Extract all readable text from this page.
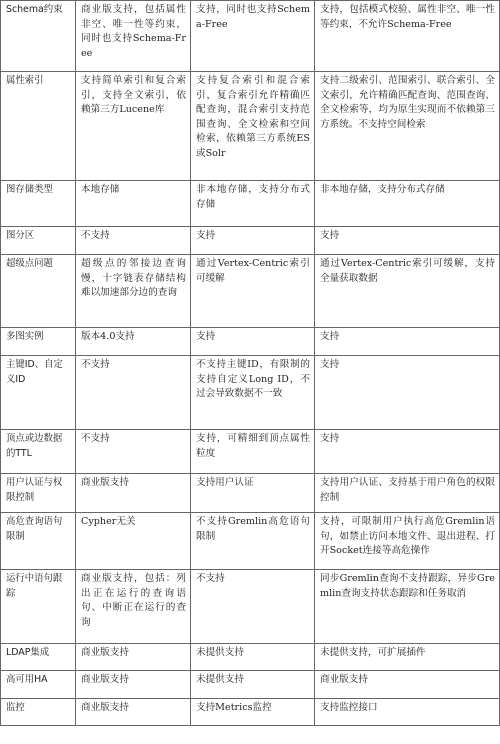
Schema约束	商业版支持，包括属性非空、唯一性等约束，同时也支持Schema-Free	支持，同时也支持Schema-Free	支持，包括模式校验、属性非空、唯一性等约束，不允许Schema-Free
属性索引	支持简单索引和复合索引，支持全文索引，依赖第三方Lucene库	支持复合索引和混合索引，复合索引允许精确匹配查询，混合索引支持范围查询、全文检索和空间检索，依赖第三方系统ES或Solr	支持二级索引、范围索引、联合索引、全文索引，允许精确匹配查询、范围查询、全文检索等，均为原生实现而不依赖第三方系统。不支持空间检索
图存储类型	本地存储	非本地存储，支持分布式存储	非本地存储，支持分布式存储
图分区	不支持	支持	支持
超级点问题	超级点的邻接边查询慢，十字链表存储结构难以加速部分边的查询	通过Vertex-Centric索引可缓解	通过Vertex-Centric索引可缓解，支持全量获取数据
多图实例	版本4.0支持	支持	支持
主键ID、自定义ID	不支持	不支持主键ID，有限制的支持自定义Long ID，不过会导致数据不一致	支持
顶点或边数据的TTL	不支持	支持，可精细到顶点属性粒度	支持
用户认证与权限控制	商业版支持	支持用户认证	支持用户认证、支持基于用户角色的权限控制
高危查询语句限制	Cypher无关	不支持Gremlin高危语句限制	支持，可限制用户执行高危Gremlin语句，如禁止访问本地文件、退出进程、打开Socket连接等高危操作
运行中语句跟踪	商业版支持，包括：列出正在运行的查询语句、中断正在运行的查询	不支持	同步Gremlin查询不支持跟踪，异步Gremlin查询支持状态跟踪和任务取消
LDAP集成	商业版支持	未提供支持	未提供支持，可扩展插件
高可用HA	商业版支持	未提供支持	商业版支持
监控	商业版支持	支持Metrics监控	支持监控接口
